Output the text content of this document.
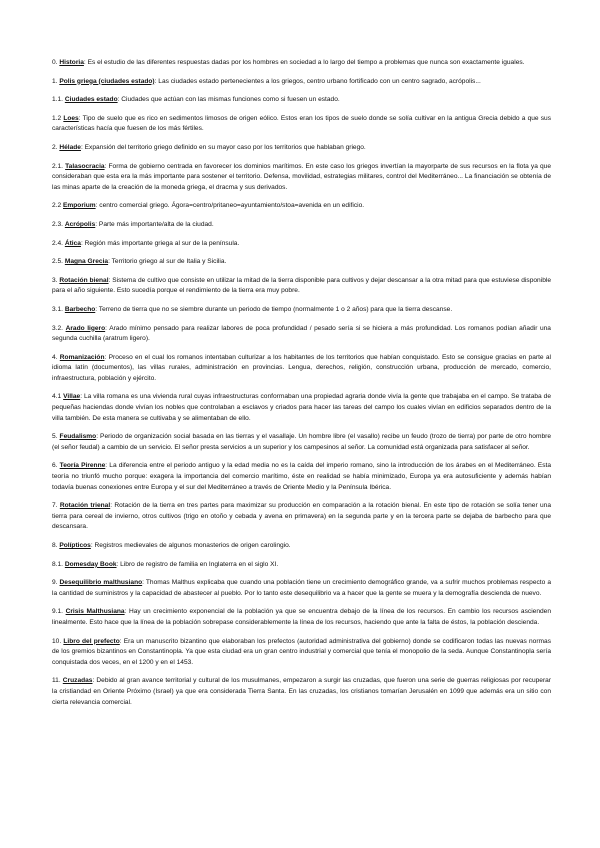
0. Historia: Es el estudio de las diferentes respuestas dadas por los hombres en sociedad a lo largo del tiempo a problemas que nunca son exactamente iguales.

1. Polis griega (ciudades estado): Las ciudades estado pertenecientes a los griegos, centro urbano fortificado con un centro sagrado, acrópolis...

1.1. Ciudades estado: Ciudades que actúan con las mismas funciones como si fuesen un estado.

1.2 Loes: Tipo de suelo que es rico en sedimentos limosos de origen eólico. Estos eran los tipos de suelo donde se solía cultivar en la antigua Grecia debido a que sus características hacía que fuesen de los más fértiles.

2. Hélade: Expansión del territorio griego definido en su mayor caso por los territorios que hablaban griego.

2.1. Talasocracia: Forma de gobierno centrada en favorecer los dominios marítimos. En este caso los griegos invertían la mayorparte de sus recursos en la flota ya que consideraban que esta era la más importante para sostener el territorio. Defensa, movilidad, estrategias militares, control del Mediterráneo... La financiación se obtenía de las minas aparte de la creación de la moneda griega, el dracma y sus derivados.

2.2 Emporium: centro comercial griego. Ágora=centro/pritaneo=ayuntamiento/stoa=avenida en un edificio.

2.3. Acrópolis: Parte más importante/alta de la ciudad.

2.4. Ática: Región más importante griega al sur de la península.

2.5. Magna Grecia: Territorio griego al sur de Italia y Sicilia.

3. Rotación bienal: Sistema de cultivo que consiste en utilizar la mitad de la tierra disponible para cultivos y dejar descansar a la otra mitad para que estuviese disponible para el año siguiente. Esto sucedía porque el rendimiento de la tierra era muy pobre.

3.1. Barbecho: Terreno de tierra que no se siembre durante un periodo de tiempo (normalmente 1 o 2 años) para que la tierra descanse.

3.2. Arado ligero: Arado mínimo pensado para realizar labores de poca profundidad / pesado sería si se hiciera a más profundidad. Los romanos podían añadir una segunda cuchilla (aratrum ligero).

4. Romanización: Proceso en el cual los romanos intentaban culturizar a los habitantes de los territorios que habían conquistado. Esto se consigue gracias en parte al idioma latín (documentos), las villas rurales, administración en provincias. Lengua, derechos, religión, construcción urbana, producción de mercado, comercio, infraestructura, población y ejército.

4.1 Villae: La villa romana es una vivienda rural cuyas infraestructuras conformaban una propiedad agraria donde vivía la gente que trabajaba en el campo. Se trataba de pequeñas haciendas donde vivían los nobles que controlaban a esclavos y criados para hacer las tareas del campo los cuales vivían en edificios separados dentro de la villa también. De esta manera se cultivaba y se alimentaban de ello.

5. Feudalismo: Periodo de organización social basada en las tierras y el vasallaje. Un hombre libre (el vasallo) recibe un feudo (trozo de tierra) por parte de otro hombre (el señor feudal) a cambio de un servicio. El señor presta servicios a un superior y los campesinos al señor. La comunidad está organizada para satisfacer al señor.

6. Teoría Pirenne: La diferencia entre el periodo antiguo y la edad media no es la caída del imperio romano, sino la introducción de los árabes en el Mediterráneo. Esta teoría no triunfó mucho porque: exagera la importancia del comercio marítimo, éste en realidad se había minimizado, Europa ya era autosuficiente y además habían todavía buenas conexiones entre Europa y el sur del Mediterráneo a través de Oriente Medio y la Península Ibérica.

7. Rotación trienal: Rotación de la tierra en tres partes para maximizar su producción en comparación a la rotación bienal. En este tipo de rotación se solía tener una tierra para cereal de invierno, otros cultivos (trigo en otoño y cebada y avena en primavera) en la segunda parte y en la tercera parte se dejaba de barbecho para que descansara.

8. Polípticos: Registros medievales de algunos monasterios de origen carolingio.

8.1. Domesday Book: Libro de registro de familia en Inglaterra en el siglo XI.

9. Desequilibrio malthusiano: Thomas Malthus explicaba que cuando una población tiene un crecimiento demográfico grande, va a sufrir muchos problemas respecto a la cantidad de suministros y la capacidad de abastecer al pueblo. Por lo tanto este desequilibrio va a hacer que la gente se muera y la demografía descienda de nuevo.

9.1. Crisis Malthusiana: Hay un crecimiento exponencial de la población ya que se encuentra debajo de la línea de los recursos. En cambio los recursos ascienden linealmente. Esto hace que la línea de la población sobrepase considerablemente la línea de los recursos, haciendo que ante la falta de éstos, la población descienda.

10. Libro del prefecto: Era un manuscrito bizantino que elaboraban los prefectos (autoridad administrativa del gobierno) donde se codificaron todas las nuevas normas de los gremios bizantinos en Constantinopla. Ya que esta ciudad era un gran centro industrial y comercial que tenía el monopolio de la seda. Aunque Constantinopla sería conquistada dos veces, en el 1200 y en el 1453.

11. Cruzadas: Debido al gran avance territorial y cultural de los musulmanes, empezaron a surgir las cruzadas, que fueron una serie de guerras religiosas por recuperar la cristiandad en Oriente Próximo (Israel) ya que era considerada Tierra Santa. En las cruzadas, los cristianos tomarían Jerusalén en 1099 que además era un sitio con cierta relevancia comercial.
